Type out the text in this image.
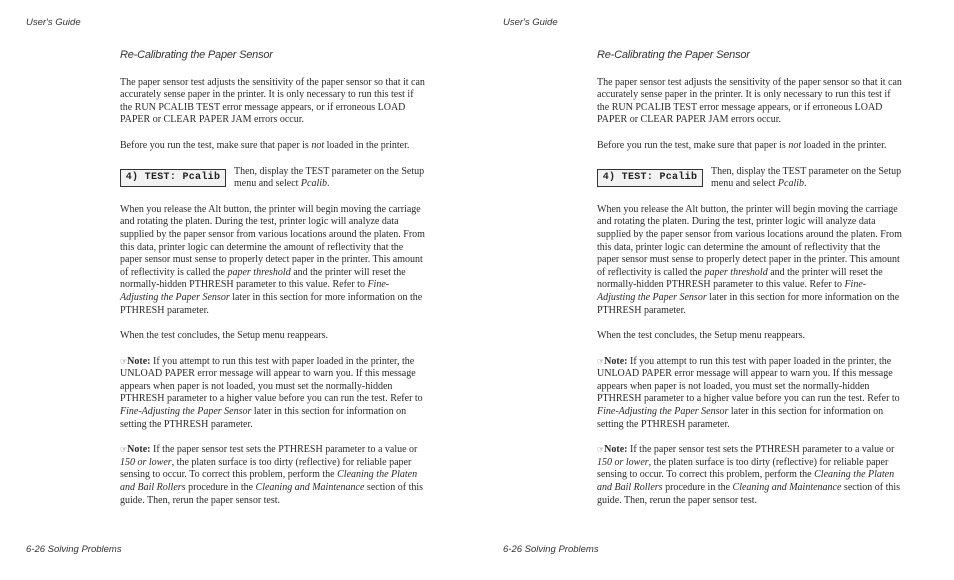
User's Guide
Re-Calibrating the Paper Sensor
The paper sensor test adjusts the sensitivity of the paper sensor so that it can accurately sense paper in the printer. It is only necessary to run this test if the RUN PCALIB TEST error message appears, or if erroneous LOAD PAPER or CLEAR PAPER JAM errors occur.
Before you run the test, make sure that paper is not loaded in the printer.
4) TEST: Pcalib
Then, display the TEST parameter on the Setup menu and select Pcalib.
When you release the Alt button, the printer will begin moving the carriage and rotating the platen. During the test, printer logic will analyze data supplied by the paper sensor from various locations around the platen. From this data, printer logic can determine the amount of reflectivity that the paper sensor must sense to properly detect paper in the printer. This amount of reflectivity is called the paper threshold and the printer will reset the normally-hidden PTHRESH parameter to this value. Refer to Fine-Adjusting the Paper Sensor later in this section for more information on the PTHRESH parameter.
When the test concludes, the Setup menu reappears.
☞Note: If you attempt to run this test with paper loaded in the printer, the UNLOAD PAPER error message will appear to warn you. If this message appears when paper is not loaded, you must set the normally-hidden PTHRESH parameter to a higher value before you can run the test. Refer to Fine-Adjusting the Paper Sensor later in this section for information on setting the PTHRESH parameter.
☞Note: If the paper sensor test sets the PTHRESH parameter to a value or 150 or lower, the platen surface is too dirty (reflective) for reliable paper sensing to occur. To correct this problem, perform the Cleaning the Platen and Bail Rollers procedure in the Cleaning and Maintenance section of this guide. Then, rerun the paper sensor test.
6-26 Solving Problems
User's Guide
Re-Calibrating the Paper Sensor
The paper sensor test adjusts the sensitivity of the paper sensor so that it can accurately sense paper in the printer. It is only necessary to run this test if the RUN PCALIB TEST error message appears, or if erroneous LOAD PAPER or CLEAR PAPER JAM errors occur.
Before you run the test, make sure that paper is not loaded in the printer.
4) TEST: Pcalib
Then, display the TEST parameter on the Setup menu and select Pcalib.
When you release the Alt button, the printer will begin moving the carriage and rotating the platen. During the test, printer logic will analyze data supplied by the paper sensor from various locations around the platen. From this data, printer logic can determine the amount of reflectivity that the paper sensor must sense to properly detect paper in the printer. This amount of reflectivity is called the paper threshold and the printer will reset the normally-hidden PTHRESH parameter to this value. Refer to Fine-Adjusting the Paper Sensor later in this section for more information on the PTHRESH parameter.
When the test concludes, the Setup menu reappears.
☞Note: If you attempt to run this test with paper loaded in the printer, the UNLOAD PAPER error message will appear to warn you. If this message appears when paper is not loaded, you must set the normally-hidden PTHRESH parameter to a higher value before you can run the test. Refer to Fine-Adjusting the Paper Sensor later in this section for information on setting the PTHRESH parameter.
☞Note: If the paper sensor test sets the PTHRESH parameter to a value or 150 or lower, the platen surface is too dirty (reflective) for reliable paper sensing to occur. To correct this problem, perform the Cleaning the Platen and Bail Rollers procedure in the Cleaning and Maintenance section of this guide. Then, rerun the paper sensor test.
6-26 Solving Problems
